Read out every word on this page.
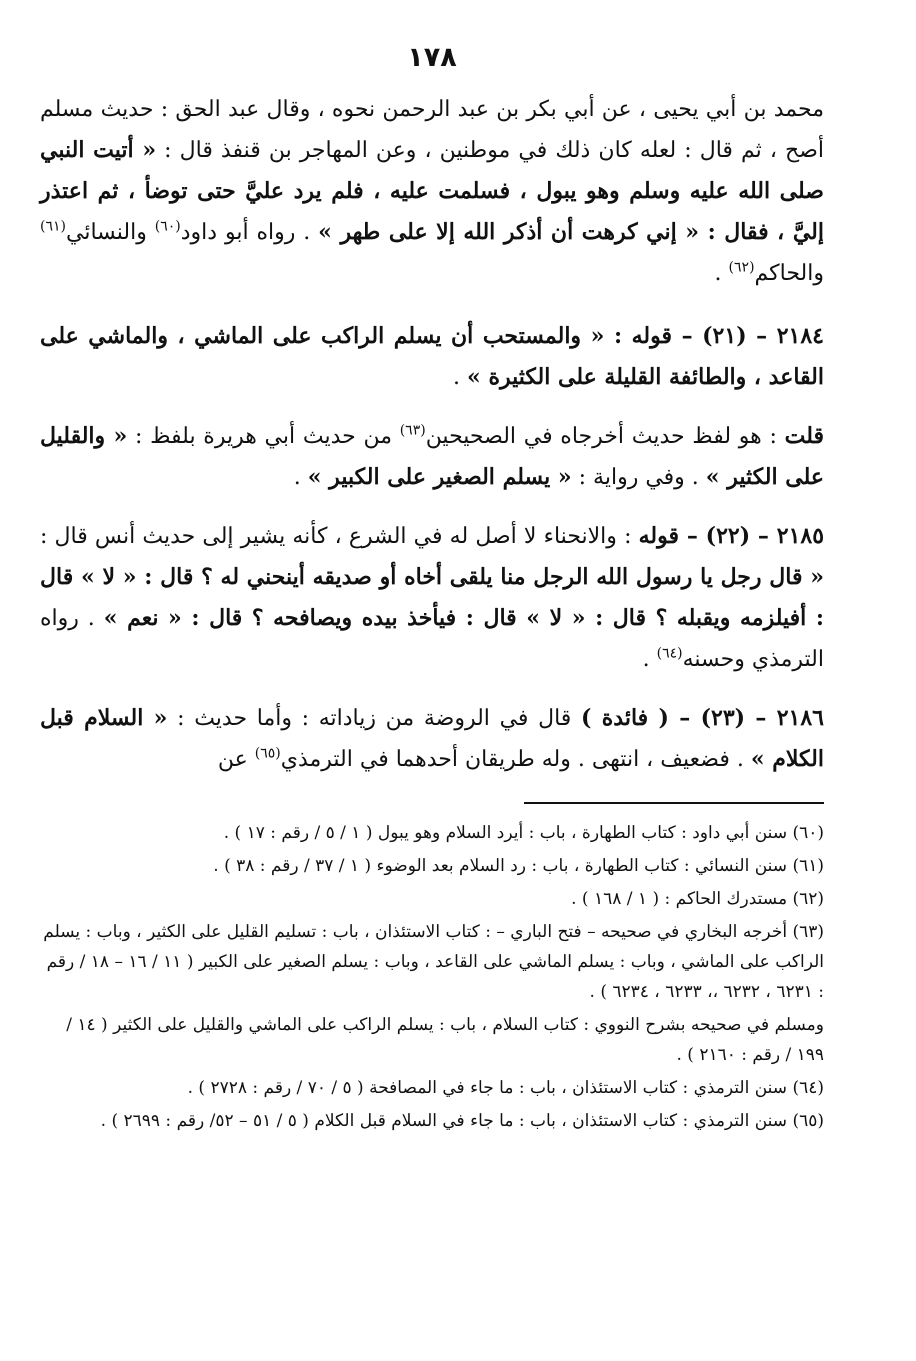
١٧٨

محمد بن أبي يحيى ، عن أبي بكر بن عبد الرحمن نحوه ، وقال عبد الحق : حديث مسلم أصح ، ثم قال : لعله كان ذلك في موطنين ، وعن المهاجر بن قنفذ قال : « أتيت النبي صلى الله عليه وسلم وهو يبول ، فسلمت عليه ، فلم يرد عليَّ حتى توضأ ، ثم اعتذر إليَّ ، فقال : « إني كرهت أن أذكر الله إلا على طهر » . رواه أبو داود$^{(٦٠)}$ والنسائي$^{(٦١)}$ والحاكم$^{(٦٢)}$ .

٢١٨٤ – (٢١) – قوله : « والمستحب أن يسلم الراكب على الماشي ، والماشي على القاعد ، والطائفة القليلة على الكثيرة » .

قلت : هو لفظ حديث أخرجاه في الصحيحين$^{(٦٣)}$ من حديث أبي هريرة بلفظ : « والقليل على الكثير » . وفي رواية : « يسلم الصغير على الكبير » .

٢١٨٥ – (٢٢) – قوله : والانحناء لا أصل له في الشرع ، كأنه يشير إلى حديث أنس قال : « قال رجل يا رسول الله الرجل منا يلقى أخاه أو صديقه أينحني له ؟ قال : « لا » قال : أفيلزمه ويقبله ؟ قال : « لا » قال : فيأخذ بيده ويصافحه ؟ قال : « نعم » . رواه الترمذي وحسنه$^{(٦٤)}$ .

٢١٨٦ – (٢٣) – ( فائدة ) قال في الروضة من زياداته : وأما حديث : « السلام قبل الكلام » . فضعيف ، انتهى . وله طريقان أحدهما في الترمذي$^{(٦٥)}$ عن

(٦٠) سنن أبي داود : كتاب الطهارة ، باب : أيرد السلام وهو يبول ( ١ / ٥ / رقم : ١٧ ) .
(٦١) سنن النسائي : كتاب الطهارة ، باب : رد السلام بعد الوضوء ( ١ / ٣٧ / رقم : ٣٨ ) .
(٦٢) مستدرك الحاكم : ( ١ / ١٦٨ ) .
(٦٣) أخرجه البخاري في صحيحه – فتح الباري – : كتاب الاستئذان ، باب : تسليم القليل على الكثير ، وباب : يسلم الراكب على الماشي ، وباب : يسلم الماشي على القاعد ، وباب : يسلم الصغير على الكبير ( ١١ / ١٦ – ١٨ / رقم : ٦٢٣١ ، ٦٢٣٢ ،، ٦٢٣٣ ، ٦٢٣٤ ) .
ومسلم في صحيحه بشرح النووي : كتاب السلام ، باب : يسلم الراكب على الماشي والقليل على الكثير ( ١٤ / ١٩٩ / رقم : ٢١٦٠ ) .
(٦٤) سنن الترمذي : كتاب الاستئذان ، باب : ما جاء في المصافحة ( ٥ / ٧٠ / رقم : ٢٧٢٨ ) .
(٦٥) سنن الترمذي : كتاب الاستئذان ، باب : ما جاء في السلام قبل الكلام ( ٥ / ٥١ – ٥٢/ رقم : ٢٦٩٩ ) .
